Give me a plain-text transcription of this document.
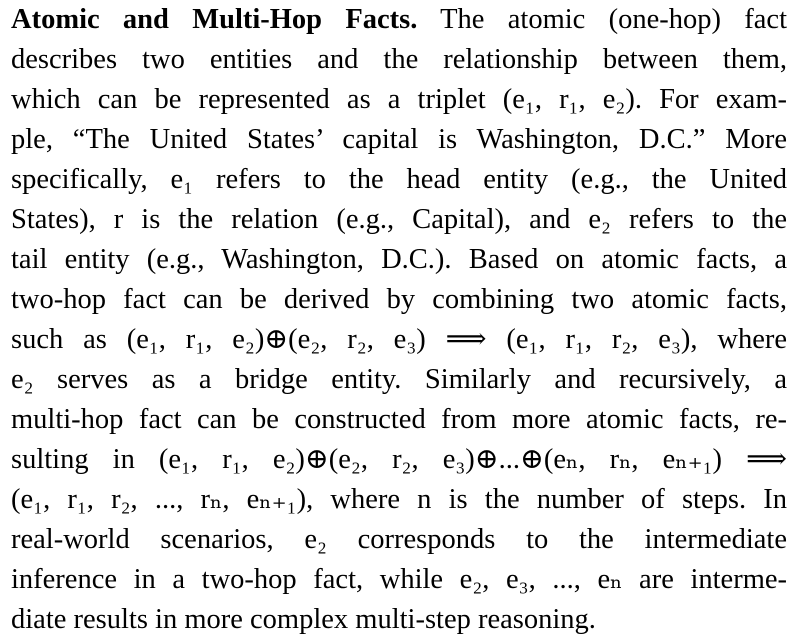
Atomic and Multi-Hop Facts. The atomic (one-hop) fact
describes two entities and the relationship between them,
which can be represented as a triplet (e₁, r₁, e₂). For exam-
ple, “The United States’ capital is Washington, D.C.” More
specifically, e₁ refers to the head entity (e.g., the United
States), r is the relation (e.g., Capital), and e₂ refers to the
tail entity (e.g., Washington, D.C.). Based on atomic facts, a
two-hop fact can be derived by combining two atomic facts,
such as (e₁, r₁, e₂)⊕(e₂, r₂, e₃) ⟹ (e₁, r₁, r₂, e₃), where
e₂ serves as a bridge entity. Similarly and recursively, a
multi-hop fact can be constructed from more atomic facts, re-
sulting in (e₁, r₁, e₂)⊕(e₂, r₂, e₃)⊕...⊕(eₙ, rₙ, eₙ₊₁) ⟹
(e₁, r₁, r₂, ..., rₙ, eₙ₊₁), where n is the number of steps. In
real-world scenarios, e₂ corresponds to the intermediate
inference in a two-hop fact, while e₂, e₃, ..., eₙ are interme-
diate results in more complex multi-step reasoning.
